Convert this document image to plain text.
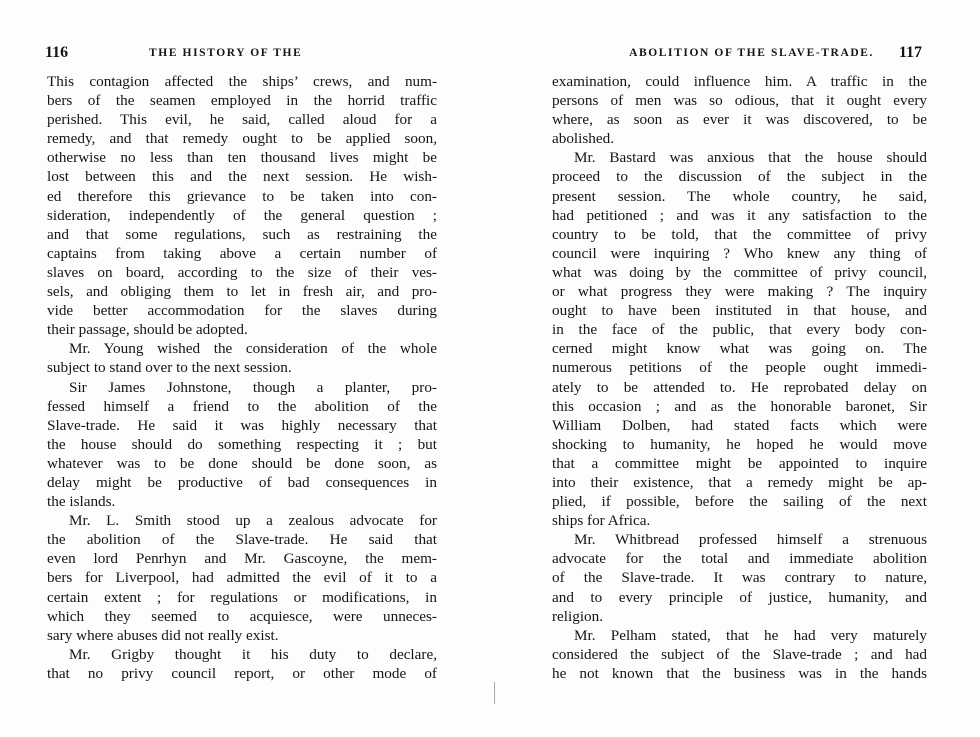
116	THE HISTORY OF THE
This contagion affected the ships’ crews, and num-
bers of the seamen employed in the horrid traffic
perished. This evil, he said, called aloud for a
remedy, and that remedy ought to be applied soon,
otherwise no less than ten thousand lives might be
lost between this and the next session. He wish-
ed therefore this grievance to be taken into con-
sideration, independently of the general question ;
and that some regulations, such as restraining the
captains from taking above a certain number of
slaves on board, according to the size of their ves-
sels, and obliging them to let in fresh air, and pro-
vide better accommodation for the slaves during
their passage, should be adopted.
Mr. Young wished the consideration of the whole
subject to stand over to the next session.
Sir James Johnstone, though a planter, pro-
fessed himself a friend to the abolition of the
Slave-trade. He said it was highly necessary that
the house should do something respecting it ; but
whatever was to be done should be done soon, as
delay might be productive of bad consequences in
the islands.
Mr. L. Smith stood up a zealous advocate for
the abolition of the Slave-trade. He said that
even lord Penrhyn and Mr. Gascoyne, the mem-
bers for Liverpool, had admitted the evil of it to a
certain extent ; for regulations or modifications, in
which they seemed to acquiesce, were unneces-
sary where abuses did not really exist.
Mr. Grigby thought it his duty to declare,
that no privy council report, or other mode of
ABOLITION OF THE SLAVE-TRADE. 117
examination, could influence him. A traffic in the
persons of men was so odious, that it ought every
where, as soon as ever it was discovered, to be
abolished.
Mr. Bastard was anxious that the house should
proceed to the discussion of the subject in the
present session. The whole country, he said,
had petitioned ; and was it any satisfaction to the
country to be told, that the committee of privy
council were inquiring ? Who knew any thing of
what was doing by the committee of privy council,
or what progress they were making ? The inquiry
ought to have been instituted in that house, and
in the face of the public, that every body con-
cerned might know what was going on. The
numerous petitions of the people ought immedi-
ately to be attended to. He reprobated delay on
this occasion ; and as the honorable baronet, Sir
William Dolben, had stated facts which were
shocking to humanity, he hoped he would move
that a committee might be appointed to inquire
into their existence, that a remedy might be ap-
plied, if possible, before the sailing of the next
ships for Africa.
Mr. Whitbread professed himself a strenuous
advocate for the total and immediate abolition
of the Slave-trade. It was contrary to nature,
and to every principle of justice, humanity, and
religion.
Mr. Pelham stated, that he had very maturely
considered the subject of the Slave-trade ; and had
he not known that the business was in the hands
